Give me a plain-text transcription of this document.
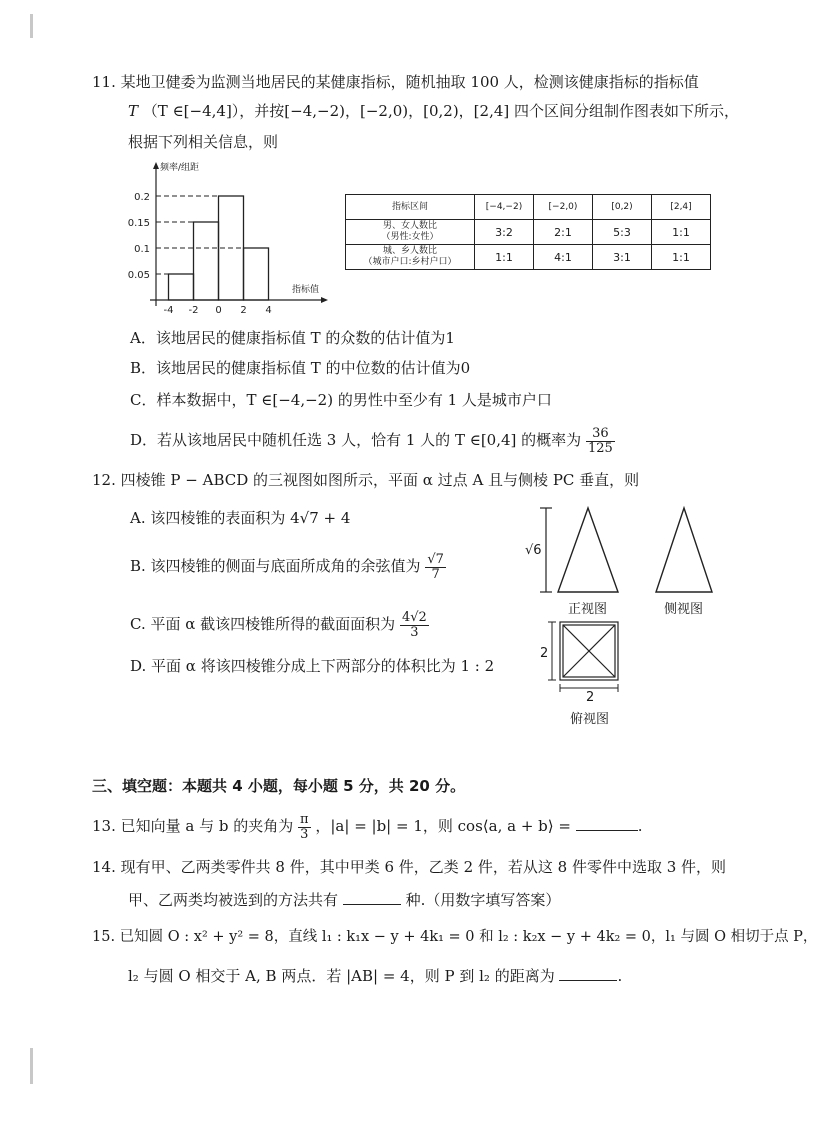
11. 某地卫健委为监测当地居民的某健康指标，随机抽取 100 人，检测该健康指标的指标值
T （T ∈[−4,4]），并按[−4,−2)，[−2,0)，[0,2)，[2,4] 四个区间分组制作图表如下所示，
根据下列相关信息，则
频率/组距
指标值
0.05
0.1
0.15
0.2
-4 -2 0 2 4
指标区间	[−4,−2)	[−2,0)	[0,2)	[2,4]

男、女人数比
（男性:女性）	3:2	2:1	5:3	1:1

城、乡人数比
（城市户口:乡村户口）	1:1	4:1	3:1	1:1
A．该地居民的健康指标值 T 的众数的估计值为1
B．该地居民的健康指标值 T 的中位数的估计值为0
C．样本数据中，T ∈[−4,−2) 的男性中至少有 1 人是城市户口
D．若从该地居民中随机任选 3 人，恰有 1 人的 T ∈[0,4] 的概率为 $\frac{36}{125}$
12. 四棱锥 P − ABCD 的三视图如图所示，平面 α 过点 A 且与侧棱 PC 垂直，则
A. 该四棱锥的表面积为 4√7 + 4
B. 该四棱锥的侧面与底面所成角的余弦值为 $\frac{√7}{7}$
C. 平面 α 截该四棱锥所得的截面面积为 $\frac{4√2}{3}$
D. 平面 α 将该四棱锥分成上下两部分的体积比为 1 : 2
√6
正视图	侧视图
2
2
俯视图
三、填空题：本题共 4 小题，每小题 5 分，共 20 分。
13. 已知向量 a 与 b 的夹角为 $\frac{\pi}{3}$ ，|a| = |b| = 1，则 cos⟨a, a + b⟩ =	.
14. 现有甲、乙两类零件共 8 件，其中甲类 6 件，乙类 2 件，若从这 8 件零件中选取 3 件，则
甲、乙两类均被选到的方法共有	种.（用数字填写答案）
15. 已知圆 O : x² + y² = 8，直线 l₁ : k₁x − y + 4k₁ = 0 和 l₂ : k₂x − y + 4k₂ = 0，l₁ 与圆 O 相切于点 P，
l₂ 与圆 O 相交于 A, B 两点．若 |AB| = 4，则 P 到 l₂ 的距离为	.
